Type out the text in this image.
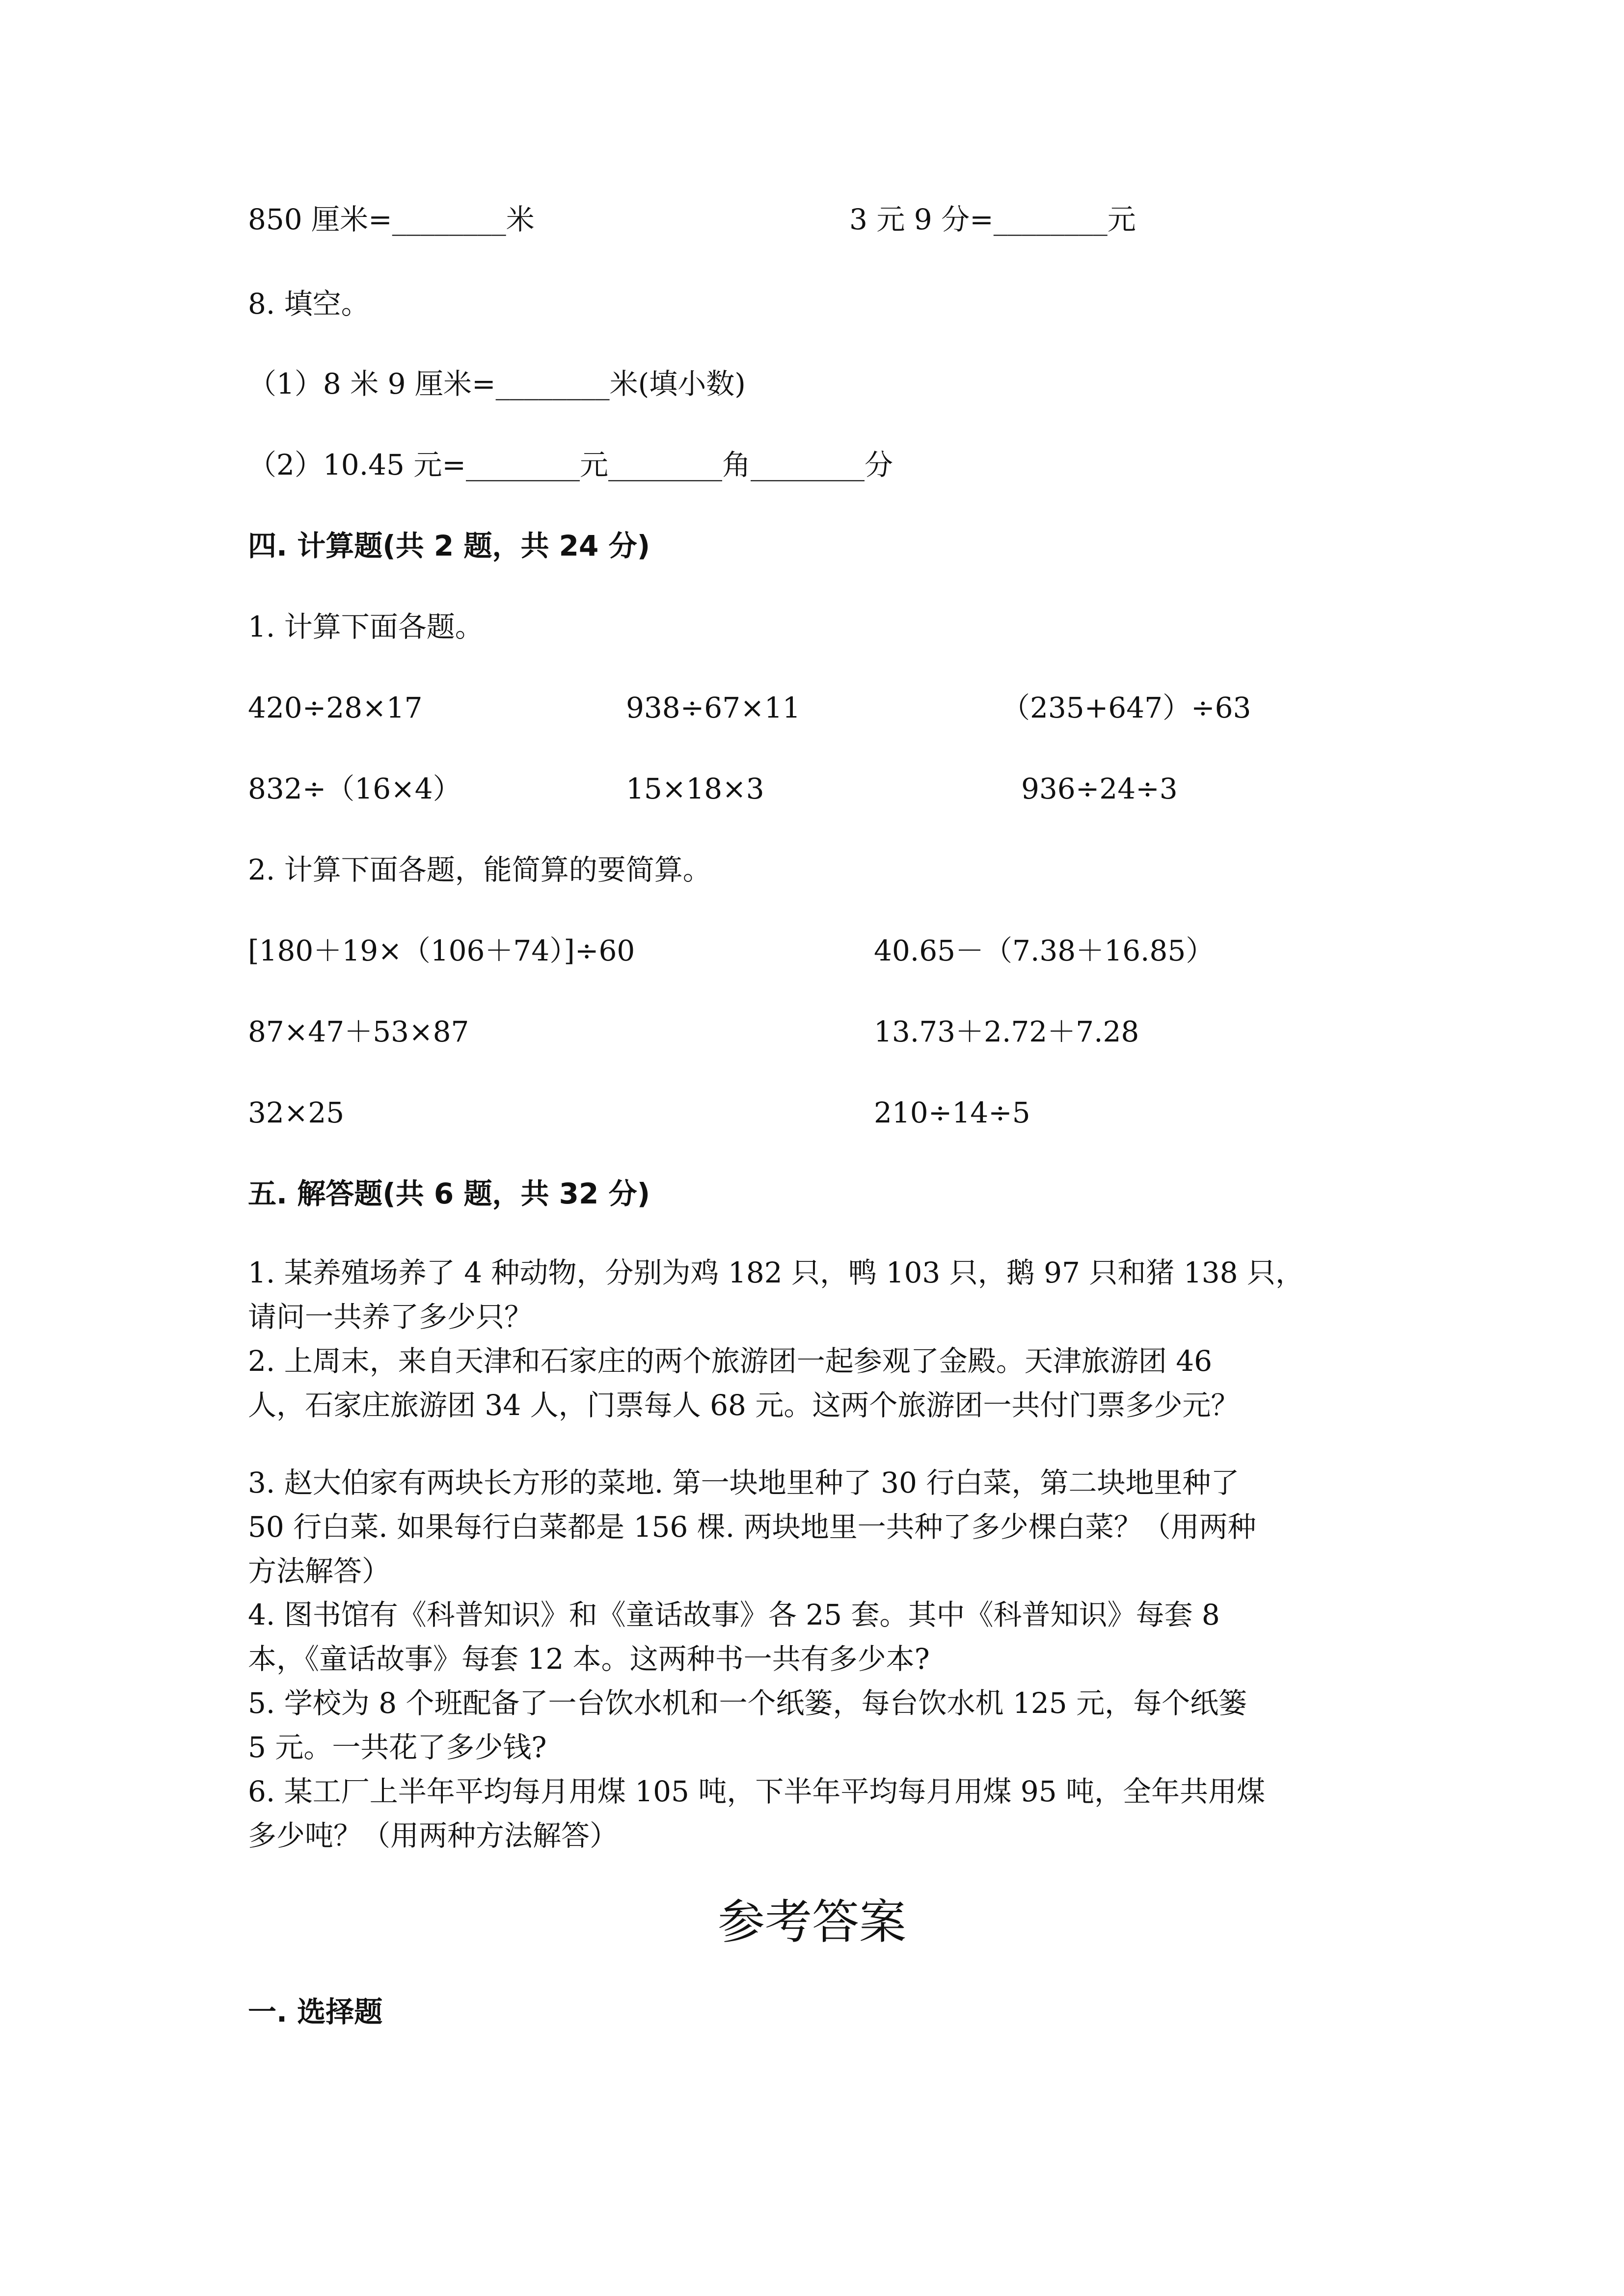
850 厘米=________米	3 元 9 分=________元
8. 填空。
（1）8 米 9 厘米=________米(填小数)
（2）10.45 元=________元________角________分
四. 计算题(共 2 题，共 24 分)
1. 计算下面各题。
420÷28×17	938÷67×11	（235+647）÷63
832÷（16×4）	15×18×3	936÷24÷3
2. 计算下面各题，能简算的要简算。
[180＋19×（106＋74）]÷60	40.65－（7.38＋16.85）
87×47＋53×87	13.73＋2.72＋7.28
32×25	210÷14÷5
五. 解答题(共 6 题，共 32 分)
1. 某养殖场养了 4 种动物，分别为鸡 182 只，鸭 103 只，鹅 97 只和猪 138 只，
请问一共养了多少只？
2. 上周末，来自天津和石家庄的两个旅游团一起参观了金殿。天津旅游团 46
人，石家庄旅游团 34 人，门票每人 68 元。这两个旅游团一共付门票多少元？
3. 赵大伯家有两块长方形的菜地. 第一块地里种了 30 行白菜，第二块地里种了
50 行白菜. 如果每行白菜都是 156 棵. 两块地里一共种了多少棵白菜？（用两种
方法解答）
4. 图书馆有《科普知识》和《童话故事》各 25 套。其中《科普知识》每套 8
本，《童话故事》每套 12 本。这两种书一共有多少本?
5. 学校为 8 个班配备了一台饮水机和一个纸篓，每台饮水机 125 元，每个纸篓
5 元。一共花了多少钱?
6. 某工厂上半年平均每月用煤 105 吨，下半年平均每月用煤 95 吨，全年共用煤
多少吨？（用两种方法解答）
参考答案
一. 选择题
